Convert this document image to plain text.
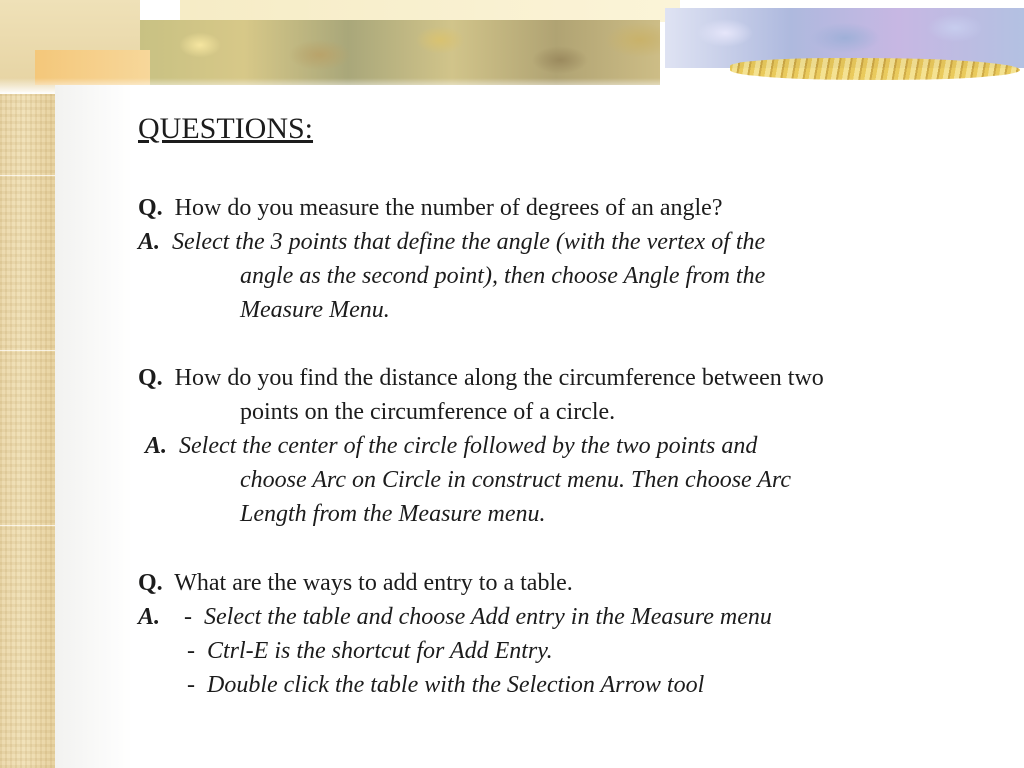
QUESTIONS:

Q. How do you measure the number of degrees of an angle?

A. Select the 3 points that define the angle (with the vertex of the

angle as the second point), then choose Angle from the

Measure Menu.

Q. How do you find the distance along the circumference between two

points on the circumference of a circle.

A. Select the center of the circle followed by the two points and

choose Arc on Circle in construct menu. Then choose Arc

Length from the Measure menu.

Q. What are the ways to add entry to a table.

A. - Select the table and choose Add entry in the Measure menu

- Ctrl-E is the shortcut for Add Entry.

- Double click the table with the Selection Arrow tool
